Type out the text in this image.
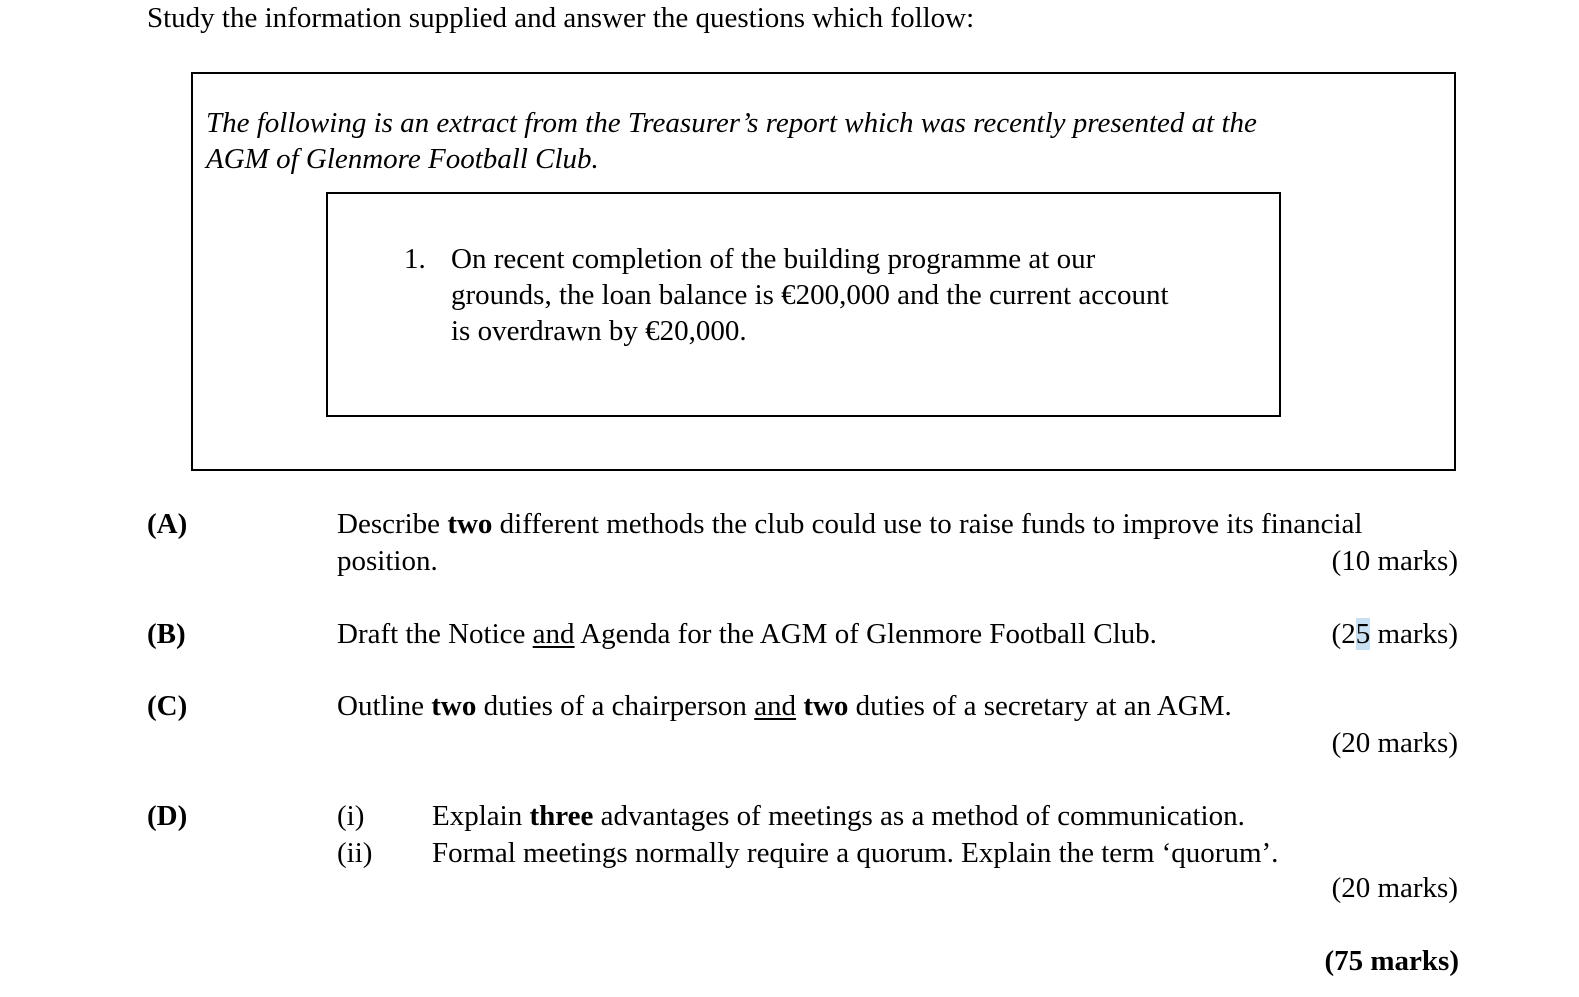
Study the information supplied and answer the questions which follow:
The following is an extract from the Treasurer’s report which was recently presented at the
AGM of Glenmore Football Club.
1. On recent completion of the building programme at our
grounds, the loan balance is €200,000 and the current account
is overdrawn by €20,000.
(A)	Describe two different methods the club could use to raise funds to improve its financial
position.	(10 marks)
(B)	Draft the Notice and Agenda for the AGM of Glenmore Football Club.	(25 marks)
(C)	Outline two duties of a chairperson and two duties of a secretary at an AGM.
(20 marks)
(D)	(i) Explain three advantages of meetings as a method of communication.
(ii) Formal meetings normally require a quorum. Explain the term ‘quorum’.
(20 marks)
(75 marks)
